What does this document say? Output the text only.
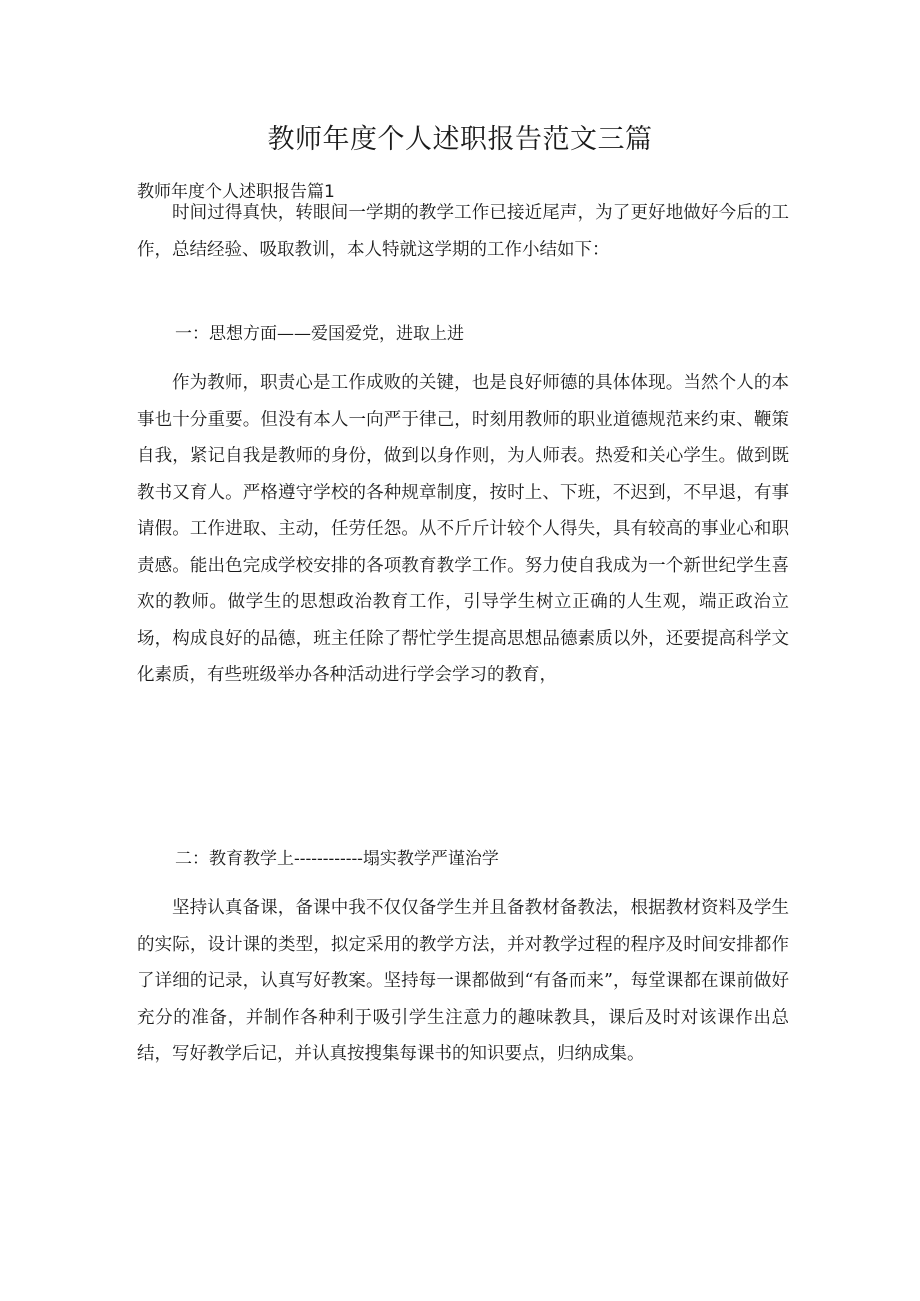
教师年度个人述职报告范文三篇
教师年度个人述职报告篇1

时间过得真快，转眼间一学期的教学工作已接近尾声，为了更好地做好今后的工作，总结经验、吸取教训，本人特就这学期的工作小结如下：

一：思想方面——爱国爱党，进取上进

作为教师，职责心是工作成败的关键，也是良好师德的具体体现。当然个人的本事也十分重要。但没有本人一向严于律己，时刻用教师的职业道德规范来约束、鞭策自我，紧记自我是教师的身份，做到以身作则，为人师表。热爱和关心学生。做到既教书又育人。严格遵守学校的各种规章制度，按时上、下班，不迟到，不早退，有事请假。工作进取、主动，任劳任怨。从不斤斤计较个人得失，具有较高的事业心和职责感。能出色完成学校安排的各项教育教学工作。努力使自我成为一个新世纪学生喜欢的教师。做学生的思想政治教育工作，引导学生树立正确的人生观，端正政治立场，构成良好的品德，班主任除了帮忙学生提高思想品德素质以外，还要提高科学文化素质，有些班级举办各种活动进行学会学习的教育，

二：教育教学上------------塌实教学严谨治学

坚持认真备课，备课中我不仅仅备学生并且备教材备教法，根据教材资料及学生的实际，设计课的类型，拟定采用的教学方法，并对教学过程的程序及时间安排都作了详细的记录，认真写好教案。坚持每一课都做到“有备而来”，每堂课都在课前做好充分的准备，并制作各种利于吸引学生注意力的趣味教具，课后及时对该课作出总结，写好教学后记，并认真按搜集每课书的知识要点，归纳成集。
